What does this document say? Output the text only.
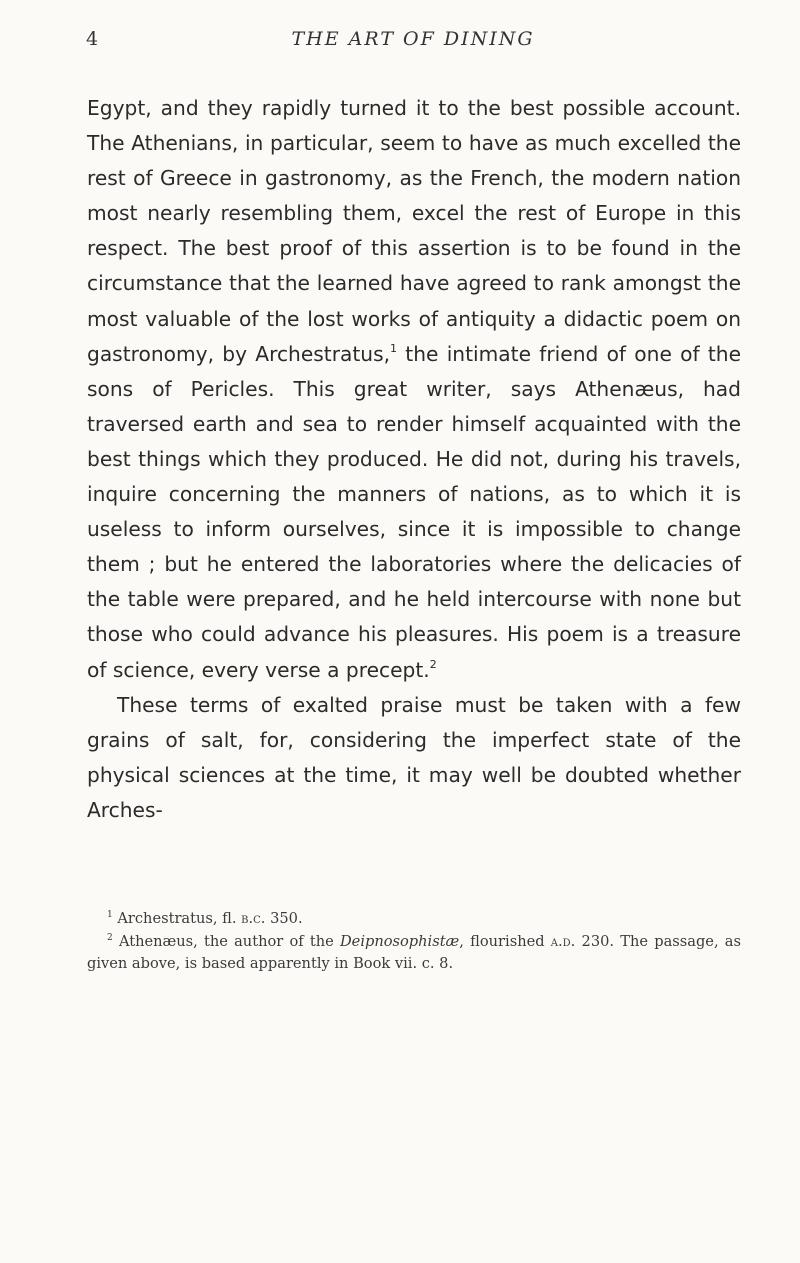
4	THE ART OF DINING

Egypt, and they rapidly turned it to the best possible account. The Athenians, in particular, seem to have as much excelled the rest of Greece in gastronomy, as the French, the modern nation most nearly resembling them, excel the rest of Europe in this respect. The best proof of this assertion is to be found in the circumstance that the learned have agreed to rank amongst the most valuable of the lost works of antiquity a didactic poem on gastronomy, by Archestratus,$^1$ the intimate friend of one of the sons of Pericles. This great writer, says Athenæus, had traversed earth and sea to render himself acquainted with the best things which they produced. He did not, during his travels, inquire concerning the manners of nations, as to which it is useless to inform ourselves, since it is impossible to change them ; but he entered the laboratories where the delicacies of the table were prepared, and he held intercourse with none but those who could advance his pleasures. His poem is a treasure of science, every verse a precept.$^2$

These terms of exalted praise must be taken with a few grains of salt, for, considering the imperfect state of the physical sciences at the time, it may well be doubted whether Arches-

$^1$ Archestratus, fl. b.c. 350.

$^2$ Athenæus, the author of the Deipnosophistæ, flourished a.d. 230. The passage, as given above, is based apparently in Book vii. c. 8.
